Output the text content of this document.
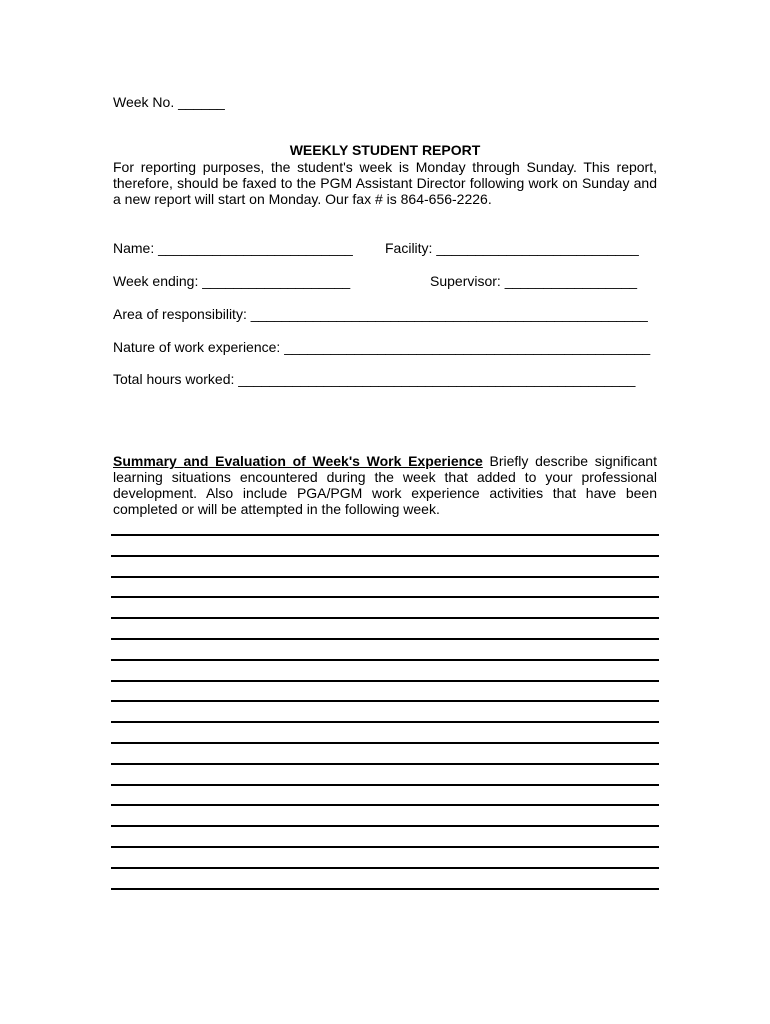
Week No. ______
WEEKLY STUDENT REPORT
For reporting purposes, the student's week is Monday through Sunday. This report, therefore, should be faxed to the PGM Assistant Director following work on Sunday and a new report will start on Monday. Our fax # is 864-656-2226.
Name: _________________________ Facility: __________________________
Week ending: ___________________	Supervisor: _________________
Area of responsibility: ___________________________________________________
Nature of work experience: _______________________________________________
Total hours worked: ___________________________________________________
Summary and Evaluation of Week's Work Experience Briefly describe significant learning situations encountered during the week that added to your professional development. Also include PGA/PGM work experience activities that have been completed or will be attempted in the following week.
